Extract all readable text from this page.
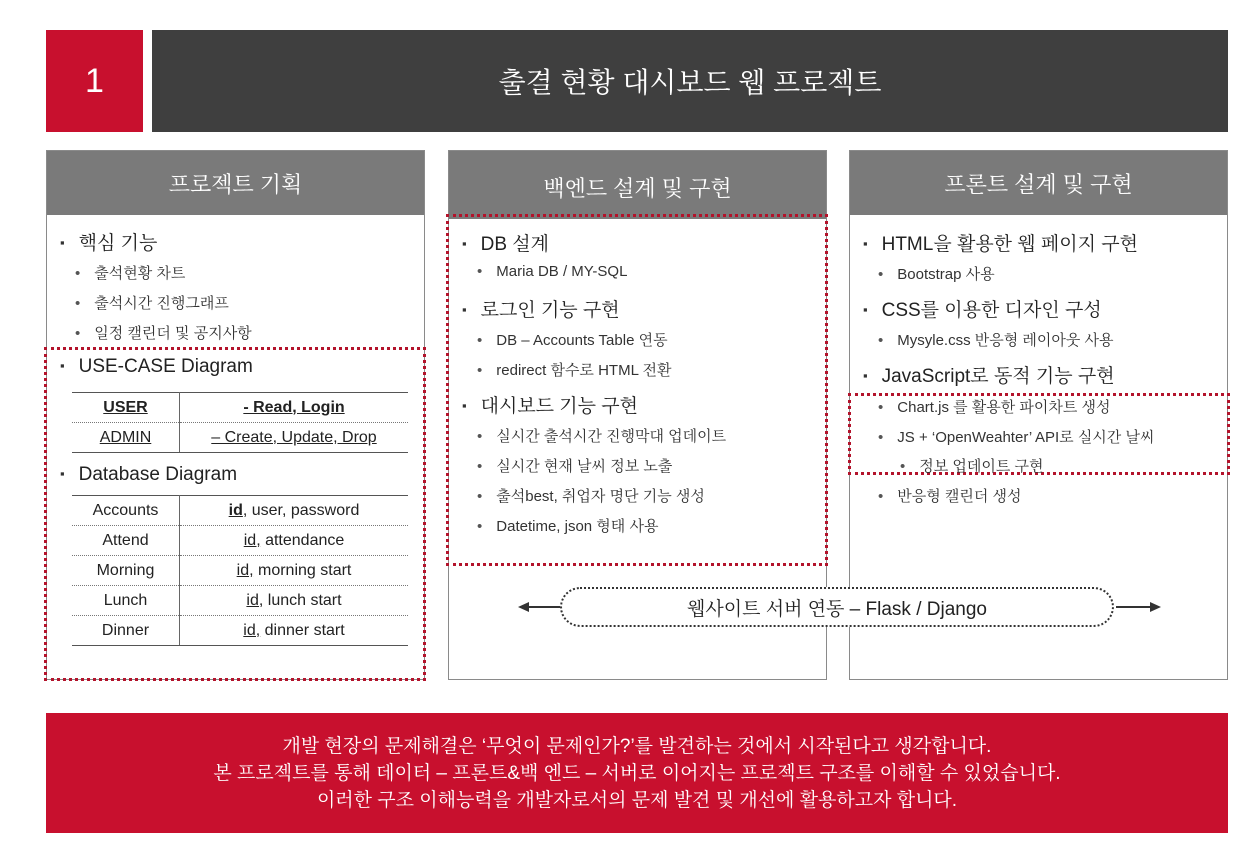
1	출결 현황 대시보드 웹 프로젝트
프로젝트 기획
▪ 핵심 기능
• 출석현황 차트
• 출석시간 진행그래프
• 일정 캘린더 및 공지사항
▪ USE-CASE Diagram
USER	- Read, Login
ADMIN	– Create, Update, Drop
▪ Database Diagram
Accounts	id, user, password
Attend	id, attendance
Morning	id, morning start
Lunch	id, lunch start
Dinner	id, dinner start
백엔드 설계 및 구현
▪ DB 설계
• Maria DB / MY-SQL
▪ 로그인 기능 구현
• DB – Accounts Table 연동
• redirect 함수로 HTML 전환
▪ 대시보드 기능 구현
• 실시간 출석시간 진행막대 업데이트
• 실시간 현재 날씨 정보 노출
• 출석best, 취업자 명단 기능 생성
• Datetime, json 형태 사용
프론트 설계 및 구현
▪ HTML을 활용한 웹 페이지 구현
• Bootstrap 사용
▪ CSS를 이용한 디자인 구성
• Mysyle.css 반응형 레이아웃 사용
▪ JavaScript로 동적 기능 구현
• Chart.js 를 활용한 파이차트 생성
• JS + ‘OpenWeahter’ API로 실시간 날씨
• 정보 업데이트 구현
• 반응형 캘린더 생성
웹사이트 서버 연동 – Flask / Django
개발 현장의 문제해결은 ‘무엇이 문제인가?’를 발견하는 것에서 시작된다고 생각합니다.
본 프로젝트를 통해 데이터 – 프론트&백 엔드 – 서버로 이어지는 프로젝트 구조를 이해할 수 있었습니다.
이러한 구조 이해능력을 개발자로서의 문제 발견 및 개선에 활용하고자 합니다.
